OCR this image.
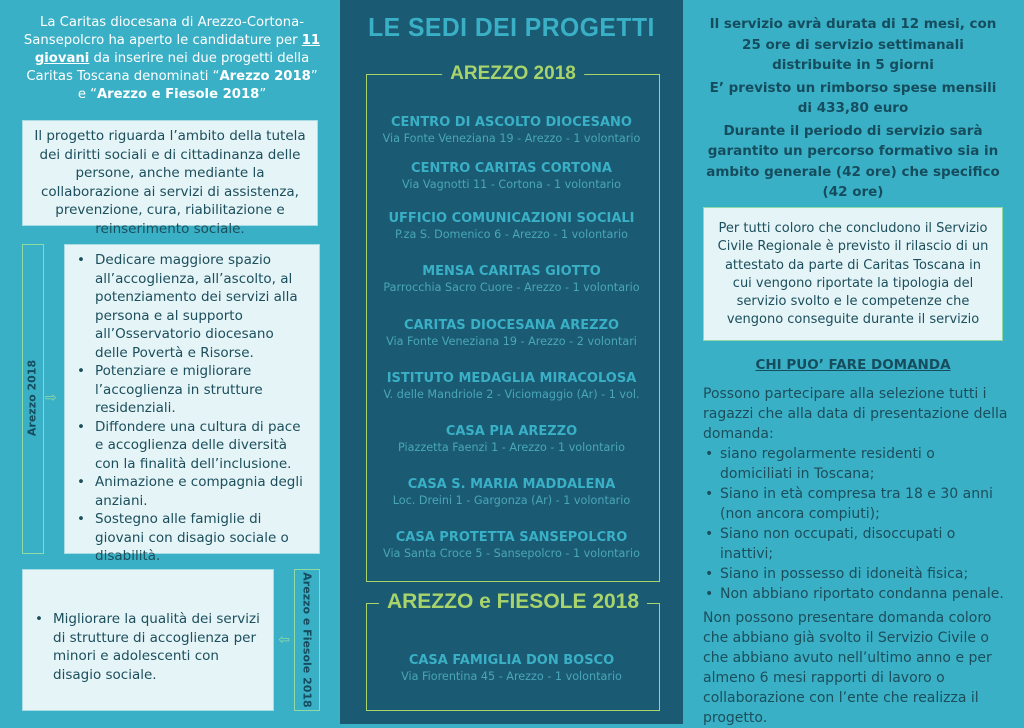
La Caritas diocesana di Arezzo-Cortona-Sansepolcro ha aperto le candidature per 11 giovani da inserire nei due progetti della Caritas Toscana denominati “Arezzo 2018” e “Arezzo e Fiesole 2018”
Il progetto riguarda l’ambito della tutela dei diritti sociali e di cittadinanza delle persone, anche mediante la collaborazione ai servizi di assistenza, prevenzione, cura, riabilitazione e reinserimento sociale.
Arezzo 2018 ⇨
• Dedicare maggiore spazio all’accoglienza, all’ascolto, al potenziamento dei servizi alla persona e al supporto all’Osservatorio diocesano delle Povertà e Risorse.
• Potenziare e migliorare l’accoglienza in strutture residenziali.
• Diffondere una cultura di pace e accoglienza delle diversità con la finalità dell’inclusione.
• Animazione e compagnia degli anziani.
• Sostegno alle famiglie di giovani con disagio sociale o disabilità.
• Migliorare la qualità dei servizi di strutture di accoglienza per minori e adolescenti con disagio sociale.
⇨ Arezzo e Fiesole 2018
LE SEDI DEI PROGETTI
AREZZO 2018
AREZZO e FIESOLE 2018
CENTRO DI ASCOLTO DIOCESANO
Via Fonte Veneziana 19 - Arezzo - 1 volontario
CENTRO CARITAS CORTONA
Via Vagnotti 11 - Cortona - 1 volontario
UFFICIO COMUNICAZIONI SOCIALI
P.za S. Domenico 6 - Arezzo - 1 volontario
MENSA CARITAS GIOTTO
Parrocchia Sacro Cuore - Arezzo - 1 volontario
CARITAS DIOCESANA AREZZO
Via Fonte Veneziana 19 - Arezzo - 2 volontari
ISTITUTO MEDAGLIA MIRACOLOSA
V. delle Mandriole 2 - Viciomaggio (Ar) - 1 vol.
CASA PIA AREZZO
Piazzetta Faenzi 1 - Arezzo - 1 volontario
CASA S. MARIA MADDALENA
Loc. Dreini 1 - Gargonza (Ar) - 1 volontario
CASA PROTETTA SANSEPOLCRO
Via Santa Croce 5 - Sansepolcro - 1 volontario
CASA FAMIGLIA DON BOSCO
Via Fiorentina 45 - Arezzo - 1 volontario

Il servizio avrà durata di 12 mesi, con 25 ore di servizio settimanali distribuite in 5 giorni

E’ previsto un rimborso spese mensili di 433,80 euro

Durante il periodo di servizio sarà garantito un percorso formativo sia in ambito generale (42 ore) che specifico (42 ore)

Per tutti coloro che concludono il Servizio Civile Regionale è previsto il rilascio di un attestato da parte di Caritas Toscana in cui vengono riportate la tipologia del servizio svolto e le competenze che vengono conseguite durante il servizio
CHI PUO’ FARE DOMANDA

Possono partecipare alla selezione tutti i ragazzi che alla data di presentazione della domanda:

• siano regolarmente residenti o domiciliati in Toscana;
• Siano in età compresa tra 18 e 30 anni (non ancora compiuti);
• Siano non occupati, disoccupati o inattivi;
• Siano in possesso di idoneità fisica;
• Non abbiano riportato condanna penale.

Non possono presentare domanda coloro che abbiano già svolto il Servizio Civile o che abbiano avuto nell’ultimo anno e per almeno 6 mesi rapporti di lavoro o collaborazione con l’ente che realizza il progetto.
